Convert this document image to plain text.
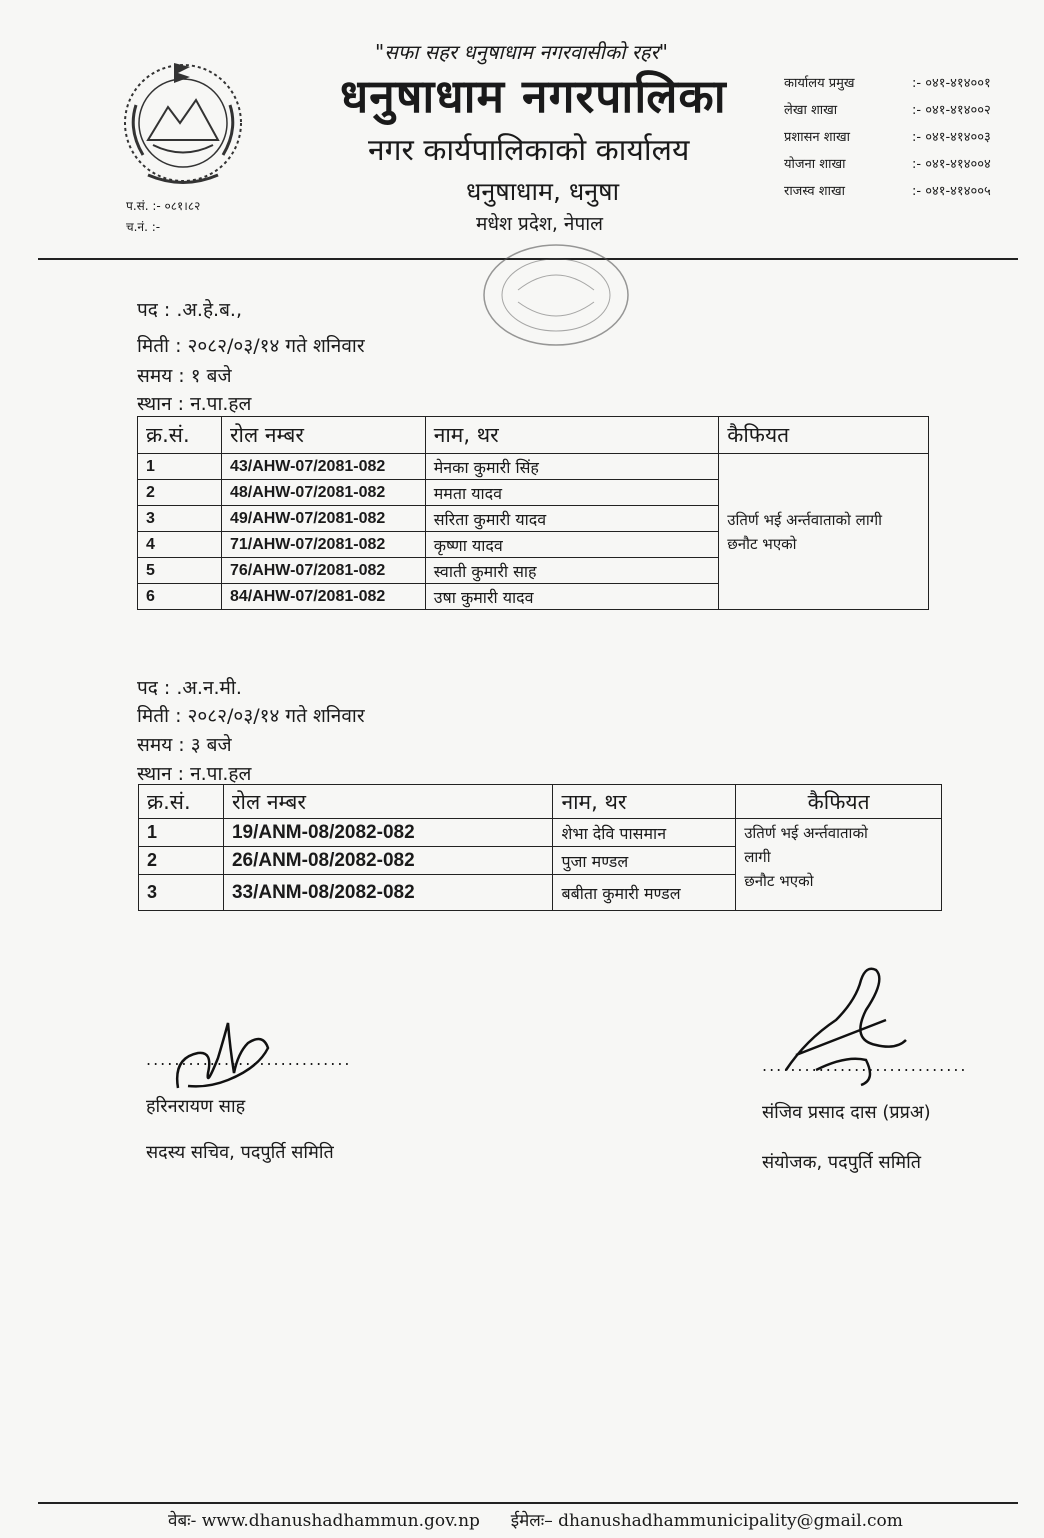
"सफा सहर धनुषाधाम नगरवासीको रहर"
धनुषाधाम नगरपालिका
नगर कार्यपालिकाको कार्यालय
धनुषाधाम, धनुषा
मधेश प्रदेश, नेपाल
प.सं. :- ०८१।८२
च.नं. :-
कार्यालय प्रमुख	:- ०४१-४१४००१
लेखा शाखा	:- ०४१-४१४००२
प्रशासन शाखा	:- ०४१-४१४००३
योजना शाखा	:- ०४१-४१४००४
राजस्व शाखा	:- ०४१-४१४००५
पद : .अ.हे.ब.,
मिती : २०८२/०३/१४ गते शनिवार
समय : १ बजे
स्थान : न.पा.हल
क्र.सं.	रोल नम्बर	नाम, थर	कैफियत
1	43/AHW-07/2081-082	मेनका कुमारी सिंह	उतिर्ण भई अर्न्तवाताको लागी
छनौट भएको

2	48/AHW-07/2081-082	ममता यादव	
3	49/AHW-07/2081-082	सरिता कुमारी यादव	
4	71/AHW-07/2081-082	कृष्णा यादव	
5	76/AHW-07/2081-082	स्वाती कुमारी साह	
6	84/AHW-07/2081-082	उषा कुमारी यादव	
पद : .अ.न.मी.
मिती : २०८२/०३/१४ गते शनिवार
समय : ३ बजे
स्थान : न.पा.हल
क्र.सं.	रोल नम्बर	नाम, थर	कैफियत
1	19/ANM-08/2082-082	शेभा देवि पासमान	उतिर्ण भई अर्न्तवाताको
लागी
छनौट भएको

2	26/ANM-08/2082-082	पुजा मण्डल	
3	33/ANM-08/2082-082	बबीता कुमारी मण्डल	
.............................
हरिनरायण साह
सदस्य सचिव, पदपुर्ति समिति
.............................
संजिव प्रसाद दास (प्रप्रअ)
संयोजक, पदपुर्ति समिति
वेबः- www.dhanushadhammun.gov.np ईमेलः– dhanushadhammunicipality@gmail.com
